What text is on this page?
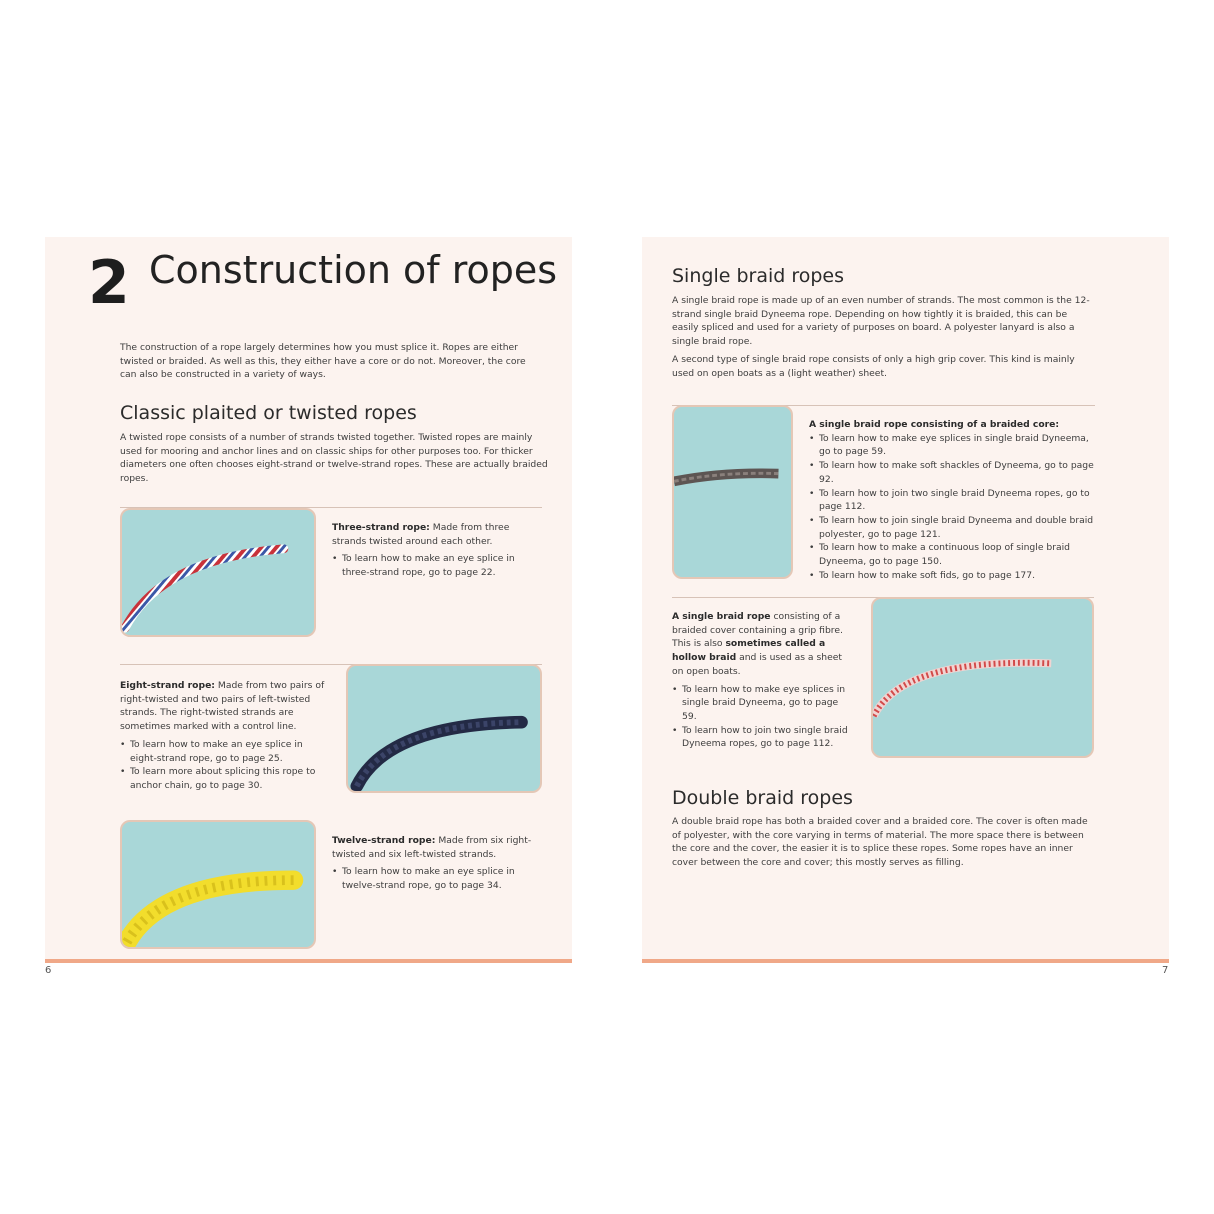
2 Construction of ropes
The construction of a rope largely determines how you must splice it. Ropes are either twisted or braided. As well as this, they either have a core or do not. Moreover, the core can also be constructed in a variety of ways.
Classic plaited or twisted ropes
A twisted rope consists of a number of strands twisted together. Twisted ropes are mainly used for mooring and anchor lines and on classic ships for other purposes too. For thicker diameters one often chooses eight-strand or twelve-strand ropes. These are actually braided ropes.

Three-strand rope: Made from three strands twisted around each other.

• To learn how to make an eye splice in three-strand rope, go to page 22.

Eight-strand rope: Made from two pairs of right-twisted and two pairs of left-twisted strands. The right-twisted strands are sometimes marked with a control line.

• To learn how to make an eye splice in eight-strand rope, go to page 25.
• To learn more about splicing this rope to anchor chain, go to page 30.

Twelve-strand rope: Made from six right-twisted and six left-twisted strands.

• To learn how to make an eye splice in twelve-strand rope, go to page 34.
6
Single braid ropes

A single braid rope is made up of an even number of strands. The most common is the 12-strand single braid Dyneema rope. Depending on how tightly it is braided, this can be easily spliced and used for a variety of purposes on board. A polyester lanyard is also a single braid rope.

A second type of single braid rope consists of only a high grip cover. This kind is mainly used on open boats as a (light weather) sheet.

A single braid rope consisting of a braided core:
• To learn how to make eye splices in single braid Dyneema, go to page 59.
• To learn how to make soft shackles of Dyneema, go to page 92.
• To learn how to join two single braid Dyneema ropes, go to page 112.
• To learn how to join single braid Dyneema and double braid polyester, go to page 121.
• To learn how to make a continuous loop of single braid Dyneema, go to page 150.
• To learn how to make soft fids, go to page 177.

A single braid rope consisting of a braided cover containing a grip fibre. This is also sometimes called a hollow braid and is used as a sheet on open boats.

• To learn how to make eye splices in single braid Dyneema, go to page 59.
• To learn how to join two single braid Dyneema ropes, go to page 112.
Double braid ropes
A double braid rope has both a braided cover and a braided core. The cover is often made of polyester, with the core varying in terms of material. The more space there is between the core and the cover, the easier it is to splice these ropes. Some ropes have an inner cover between the core and cover; this mostly serves as filling.
7
